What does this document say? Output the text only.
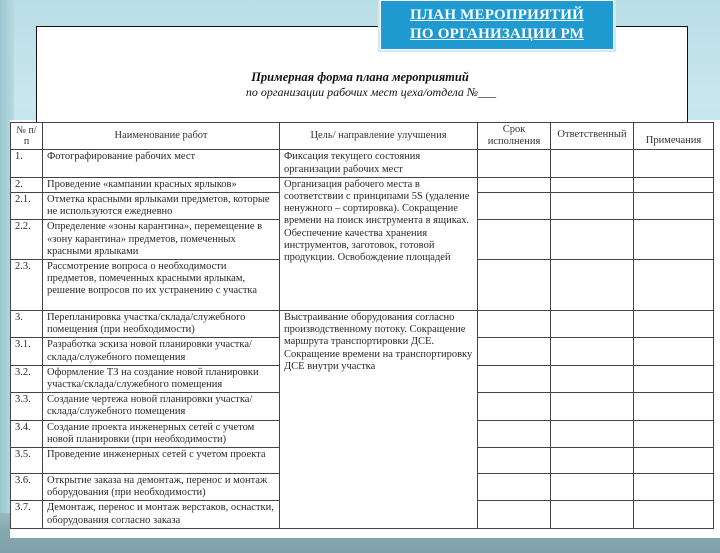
ПЛАН МЕРОПРИЯТИЙ
ПО ОРГАНИЗАЦИИ РМ
Примерная форма плана мероприятий
по организации рабочих мест цеха/отдела №___
№ п/п	Наименование работ	Цель/ направление улучшения	Срок исполнения	Ответственный	Примечания
1.	Фотографирование рабочих мест	Фиксация текущего состояния организации рабочих мест			
2.	Проведение «кампании красных ярлыков»	Организация рабочего места в соответствии с принципами 5S (удаление ненужного – сортировка). Сокращение времени на поиск инструмента в ящиках. Обеспечение качества хранения инструментов, заготовок, готовой продукции. Освобождение площадей			
2.1.	Отметка красными ярлыками предметов, которые не используются ежедневно				
2.2.	Определение «зоны карантина», перемещение в «зону карантина» предметов, помеченных красными ярлыками				
2.3.	Рассмотрение вопроса о необходимости предметов, помеченных красными ярлыкам, решение вопросов по их устранению с участка				
3.	Перепланировка участка/склада/служебного помещения (при необходимости)	Выстраивание оборудования согласно производственному потоку. Сокращение маршрута транспортировки ДСЕ. Сокращение времени на транспортировку ДСЕ внутри участка			
3.1.	Разработка эскиза новой планировки участка/склада/служебного помещения				
3.2.	Оформление ТЗ на создание новой планировки участка/склада/служебного помещения				
3.3.	Создание чертежа новой планировки участка/склада/служебного помещения				
3.4.	Создание проекта инженерных сетей с учетом новой планировки (при необходимости)				
3.5.	Проведение инженерных сетей с учетом проекта				
3.6.	Открытие заказа на демонтаж, перенос и монтаж оборудования (при необходимости)				
3.7.	Демонтаж, перенос и монтаж верстаков, оснастки, оборудования согласно заказа				
